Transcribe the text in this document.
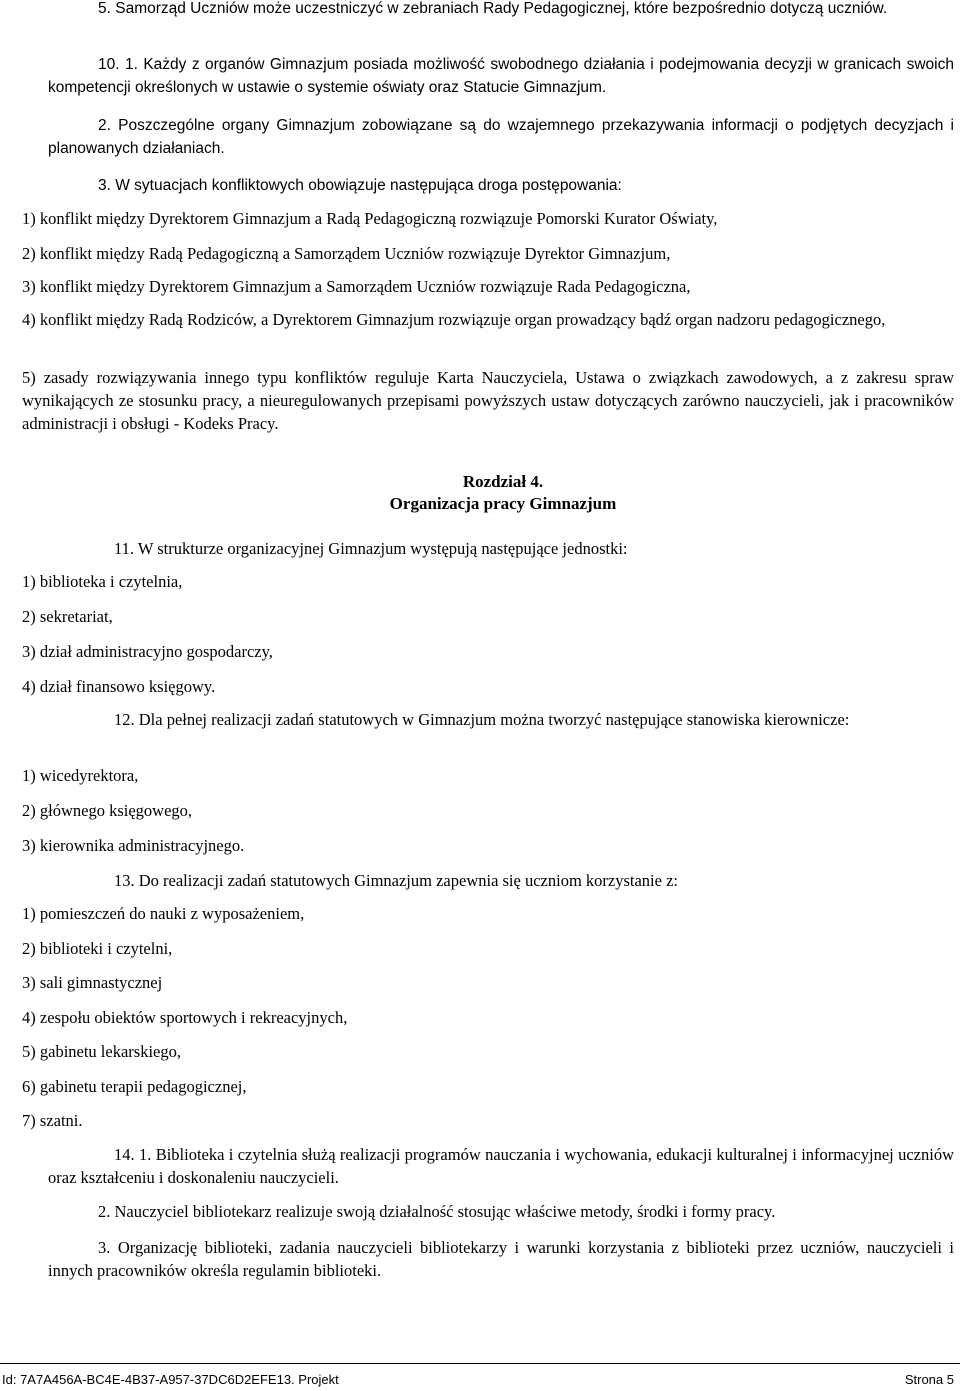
5. Samorząd Uczniów może uczestniczyć w zebraniach Rady Pedagogicznej, które bezpośrednio dotyczą uczniów.

10. 1. Każdy z organów Gimnazjum posiada możliwość swobodnego działania i podejmowania decyzji w granicach swoich kompetencji określonych w ustawie o systemie oświaty oraz Statucie Gimnazjum.

2. Poszczególne organy Gimnazjum zobowiązane są do wzajemnego przekazywania informacji o podjętych decyzjach i planowanych działaniach.

3. W sytuacjach konfliktowych obowiązuje następująca droga postępowania:

1) konflikt między Dyrektorem Gimnazjum a Radą Pedagogiczną rozwiązuje Pomorski Kurator Oświaty,

2) konflikt między Radą Pedagogiczną a Samorządem Uczniów rozwiązuje Dyrektor Gimnazjum,

3) konflikt między Dyrektorem Gimnazjum a Samorządem Uczniów rozwiązuje Rada Pedagogiczna,

4) konflikt między Radą Rodziców, a Dyrektorem Gimnazjum rozwiązuje organ prowadzący bądź organ nadzoru pedagogicznego,

5) zasady rozwiązywania innego typu konfliktów reguluje Karta Nauczyciela, Ustawa o związkach zawodowych, a z zakresu spraw wynikających ze stosunku pracy, a nieuregulowanych przepisami powyższych ustaw dotyczących zarówno nauczycieli, jak i pracowników administracji i obsługi - Kodeks Pracy.

Rozdział 4.

Organizacja pracy Gimnazjum

11. W strukturze organizacyjnej Gimnazjum występują następujące jednostki:

1) biblioteka i czytelnia,

2) sekretariat,

3) dział administracyjno gospodarczy,

4) dział finansowo księgowy.

12. Dla pełnej realizacji zadań statutowych w Gimnazjum można tworzyć następujące stanowiska kierownicze:

1) wicedyrektora,

2) głównego księgowego,

3) kierownika administracyjnego.

13. Do realizacji zadań statutowych Gimnazjum zapewnia się uczniom korzystanie z:

1) pomieszczeń do nauki z wyposażeniem,

2) biblioteki i czytelni,

3) sali gimnastycznej

4) zespołu obiektów sportowych i rekreacyjnych,

5) gabinetu lekarskiego,

6) gabinetu terapii pedagogicznej,

7) szatni.

14. 1. Biblioteka i czytelnia służą realizacji programów nauczania i wychowania, edukacji kulturalnej i informacyjnej uczniów oraz kształceniu i doskonaleniu nauczycieli.

2. Nauczyciel bibliotekarz realizuje swoją działalność stosując właściwe metody, środki i formy pracy.

3. Organizację biblioteki, zadania nauczycieli bibliotekarzy i warunki korzystania z biblioteki przez uczniów, nauczycieli i innych pracowników określa regulamin biblioteki.

Id: 7A7A456A-BC4E-4B37-A957-37DC6D2EFE13. Projekt	Strona 5
